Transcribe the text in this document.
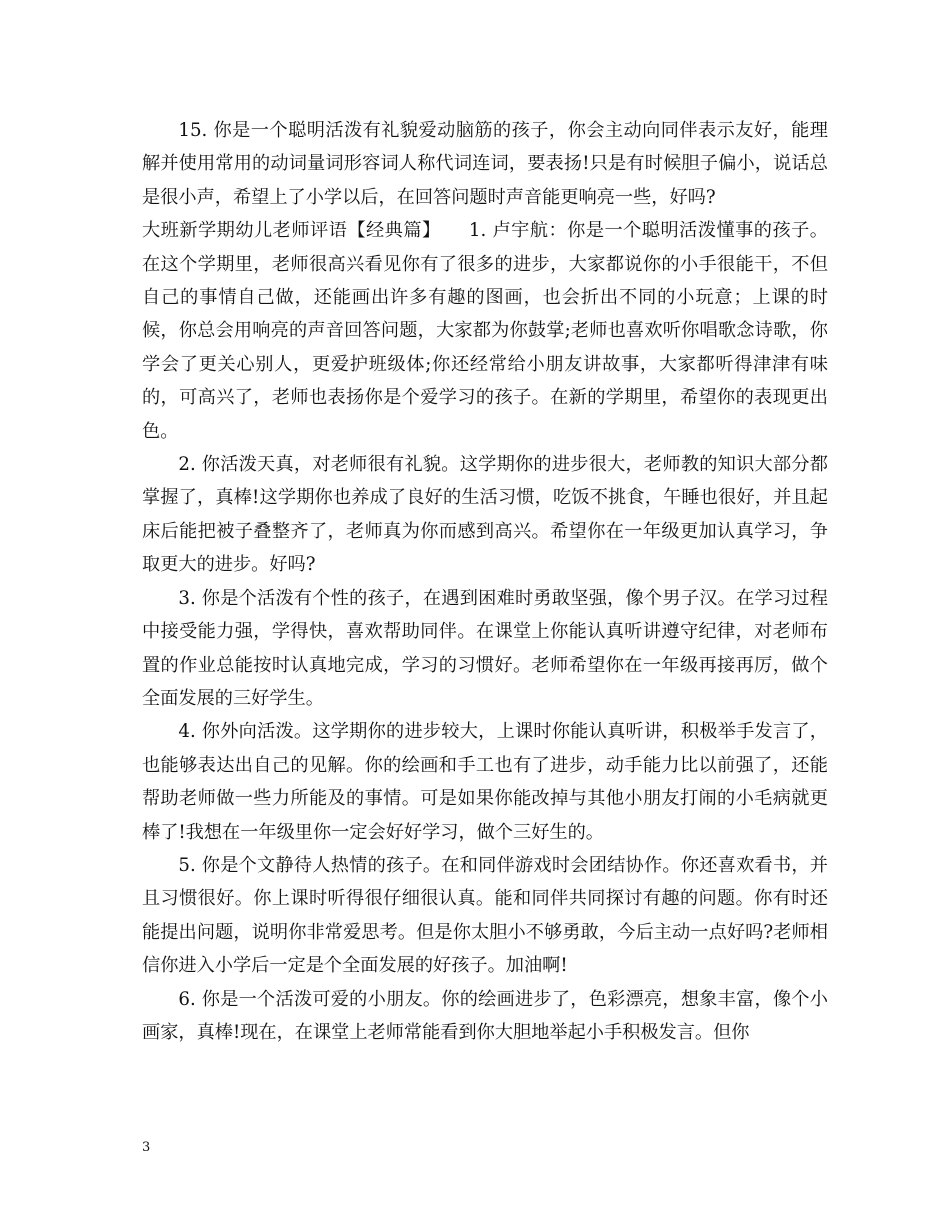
15. 你是一个聪明活泼有礼貌爱动脑筋的孩子，你会主动向同伴表示友好，能理解并使用常用的动词量词形容词人称代词连词，要表扬!只是有时候胆子偏小，说话总是很小声，希望上了小学以后，在回答问题时声音能更响亮一些，好吗?

大班新学期幼儿老师评语【经典篇】　　1. 卢宇航：你是一个聪明活泼懂事的孩子。在这个学期里，老师很高兴看见你有了很多的进步，大家都说你的小手很能干，不但自己的事情自己做，还能画出许多有趣的图画，也会折出不同的小玩意；上课的时候，你总会用响亮的声音回答问题，大家都为你鼓掌;老师也喜欢听你唱歌念诗歌，你学会了更关心别人，更爱护班级体;你还经常给小朋友讲故事，大家都听得津津有味的，可高兴了，老师也表扬你是个爱学习的孩子。在新的学期里，希望你的表现更出色。

2. 你活泼天真，对老师很有礼貌。这学期你的进步很大，老师教的知识大部分都掌握了，真棒!这学期你也养成了良好的生活习惯，吃饭不挑食，午睡也很好，并且起床后能把被子叠整齐了，老师真为你而感到高兴。希望你在一年级更加认真学习，争取更大的进步。好吗?

3. 你是个活泼有个性的孩子，在遇到困难时勇敢坚强，像个男子汉。在学习过程中接受能力强，学得快，喜欢帮助同伴。在课堂上你能认真听讲遵守纪律，对老师布置的作业总能按时认真地完成，学习的习惯好。老师希望你在一年级再接再厉，做个全面发展的三好学生。

4. 你外向活泼。这学期你的进步较大，上课时你能认真听讲，积极举手发言了，也能够表达出自己的见解。你的绘画和手工也有了进步，动手能力比以前强了，还能帮助老师做一些力所能及的事情。可是如果你能改掉与其他小朋友打闹的小毛病就更棒了!我想在一年级里你一定会好好学习，做个三好生的。

5. 你是个文静待人热情的孩子。在和同伴游戏时会团结协作。你还喜欢看书，并且习惯很好。你上课时听得很仔细很认真。能和同伴共同探讨有趣的问题。你有时还能提出问题，说明你非常爱思考。但是你太胆小不够勇敢，今后主动一点好吗?老师相信你进入小学后一定是个全面发展的好孩子。加油啊!

6. 你是一个活泼可爱的小朋友。你的绘画进步了，色彩漂亮，想象丰富，像个小画家，真棒!现在，在课堂上老师常能看到你大胆地举起小手积极发言。但你

3
